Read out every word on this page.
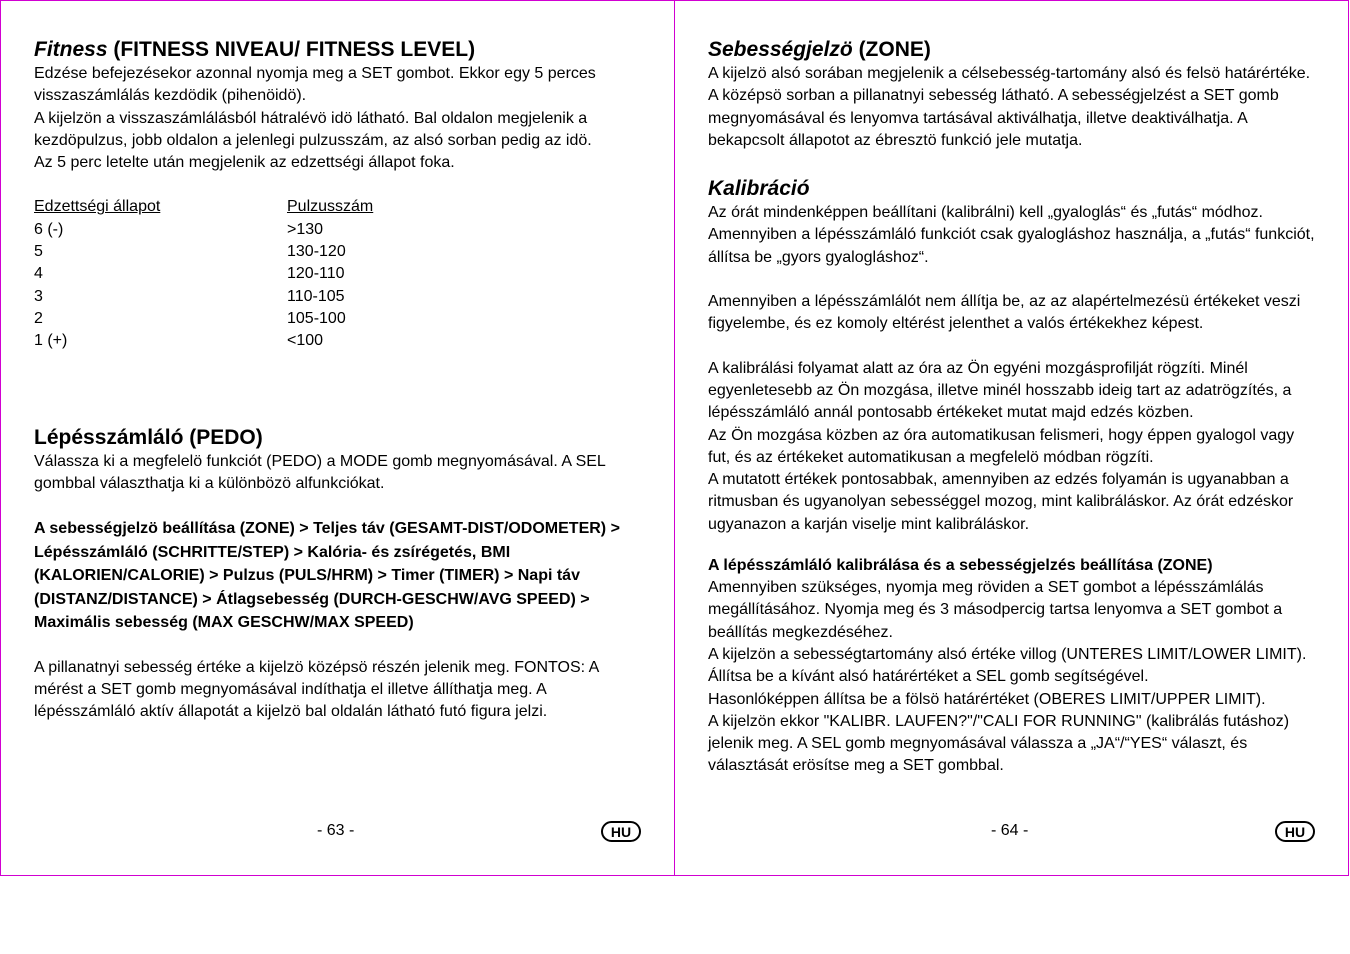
Fitness (FITNESS NIVEAU/ FITNESS LEVEL)

Edzése befejezésekor azonnal nyomja meg a SET gombot. Ekkor egy 5 perces visszaszámlálás kezdödik (pihenöidö).

A kijelzön a visszaszámlálásból hátralévö idö látható. Bal oldalon megjelenik a kezdöpulzus, jobb oldalon a jelenlegi pulzusszám, az alsó sorban pedig az idö.

Az 5 perc letelte után megjelenik az edzettségi állapot foka.

Edzettségi állapot	Pulzusszám
6 (-)	>130
5	130-120
4	120-110
3	110-105
2	105-100
1 (+)	<100
Lépésszámláló (PEDO)

Válassza ki a megfelelö funkciót (PEDO) a MODE gomb megnyomásával. A SEL gombbal választhatja ki a különbözö alfunkciókat.

A sebességjelzö beállítása (ZONE) > Teljes táv (GESAMT-DIST/ODOMETER) > Lépésszámláló (SCHRITTE/STEP) > Kalória- és zsírégetés, BMI (KALORIEN/CALORIE) > Pulzus (PULS/HRM) > Timer (TIMER) > Napi táv (DISTANZ/DISTANCE) > Átlagsebesség (DURCH-GESCHW/AVG SPEED) > Maximális sebesség (MAX GESCHW/MAX SPEED)

A pillanatnyi sebesség értéke a kijelzö középsö részén jelenik meg. FONTOS: A mérést a SET gomb megnyomásával indíthatja el illetve állíthatja meg. A lépésszámláló aktív állapotát a kijelzö bal oldalán látható futó figura jelzi.

- 63 -	HU
Sebességjelzö (ZONE)

A kijelzö alsó sorában megjelenik a célsebesség-tartomány alsó és felsö határértéke. A középsö sorban a pillanatnyi sebesség látható. A sebességjelzést a SET gomb megnyomásával és lenyomva tartásával aktiválhatja, illetve deaktiválhatja. A bekapcsolt állapotot az ébresztö funkció jele mutatja.

Kalibráció

Az órát mindenképpen beállítani (kalibrálni) kell „gyaloglás“ és „futás“ módhoz. Amennyiben a lépésszámláló funkciót csak gyalogláshoz használja, a „futás“ funkciót, állítsa be „gyors gyalogláshoz“.

Amennyiben a lépésszámlálót nem állítja be, az az alapértelmezésü értékeket veszi figyelembe, és ez komoly eltérést jelenthet a valós értékekhez képest.

A kalibrálási folyamat alatt az óra az Ön egyéni mozgásprofilját rögzíti. Minél egyenletesebb az Ön mozgása, illetve minél hosszabb ideig tart az adatrögzítés, a lépésszámláló annál pontosabb értékeket mutat majd edzés közben.

Az Ön mozgása közben az óra automatikusan felismeri, hogy éppen gyalogol vagy fut, és az értékeket automatikusan a megfelelö módban rögzíti.

A mutatott értékek pontosabbak, amennyiben az edzés folyamán is ugyanabban a ritmusban és ugyanolyan sebességgel mozog, mint kalibráláskor. Az órát edzéskor ugyanazon a karján viselje mint kalibráláskor.

A lépésszámláló kalibrálása és a sebességjelzés beállítása (ZONE)

Amennyiben szükséges, nyomja meg röviden a SET gombot a lépésszámlálás megállításához. Nyomja meg és 3 másodpercig tartsa lenyomva a SET gombot a beállítás megkezdéséhez.

A kijelzön a sebességtartomány alsó értéke villog (UNTERES LIMIT/LOWER LIMIT). Állítsa be a kívánt alsó határértéket a SEL gomb segítségével.

Hasonlóképpen állítsa be a fölsö határértéket (OBERES LIMIT/UPPER LIMIT).

A kijelzön ekkor "KALIBR. LAUFEN?"/"CALI FOR RUNNING" (kalibrálás futáshoz) jelenik meg. A SEL gomb megnyomásával válassza a „JA“/“YES“ választ, és választását erösítse meg a SET gombbal.

- 64 -	HU
